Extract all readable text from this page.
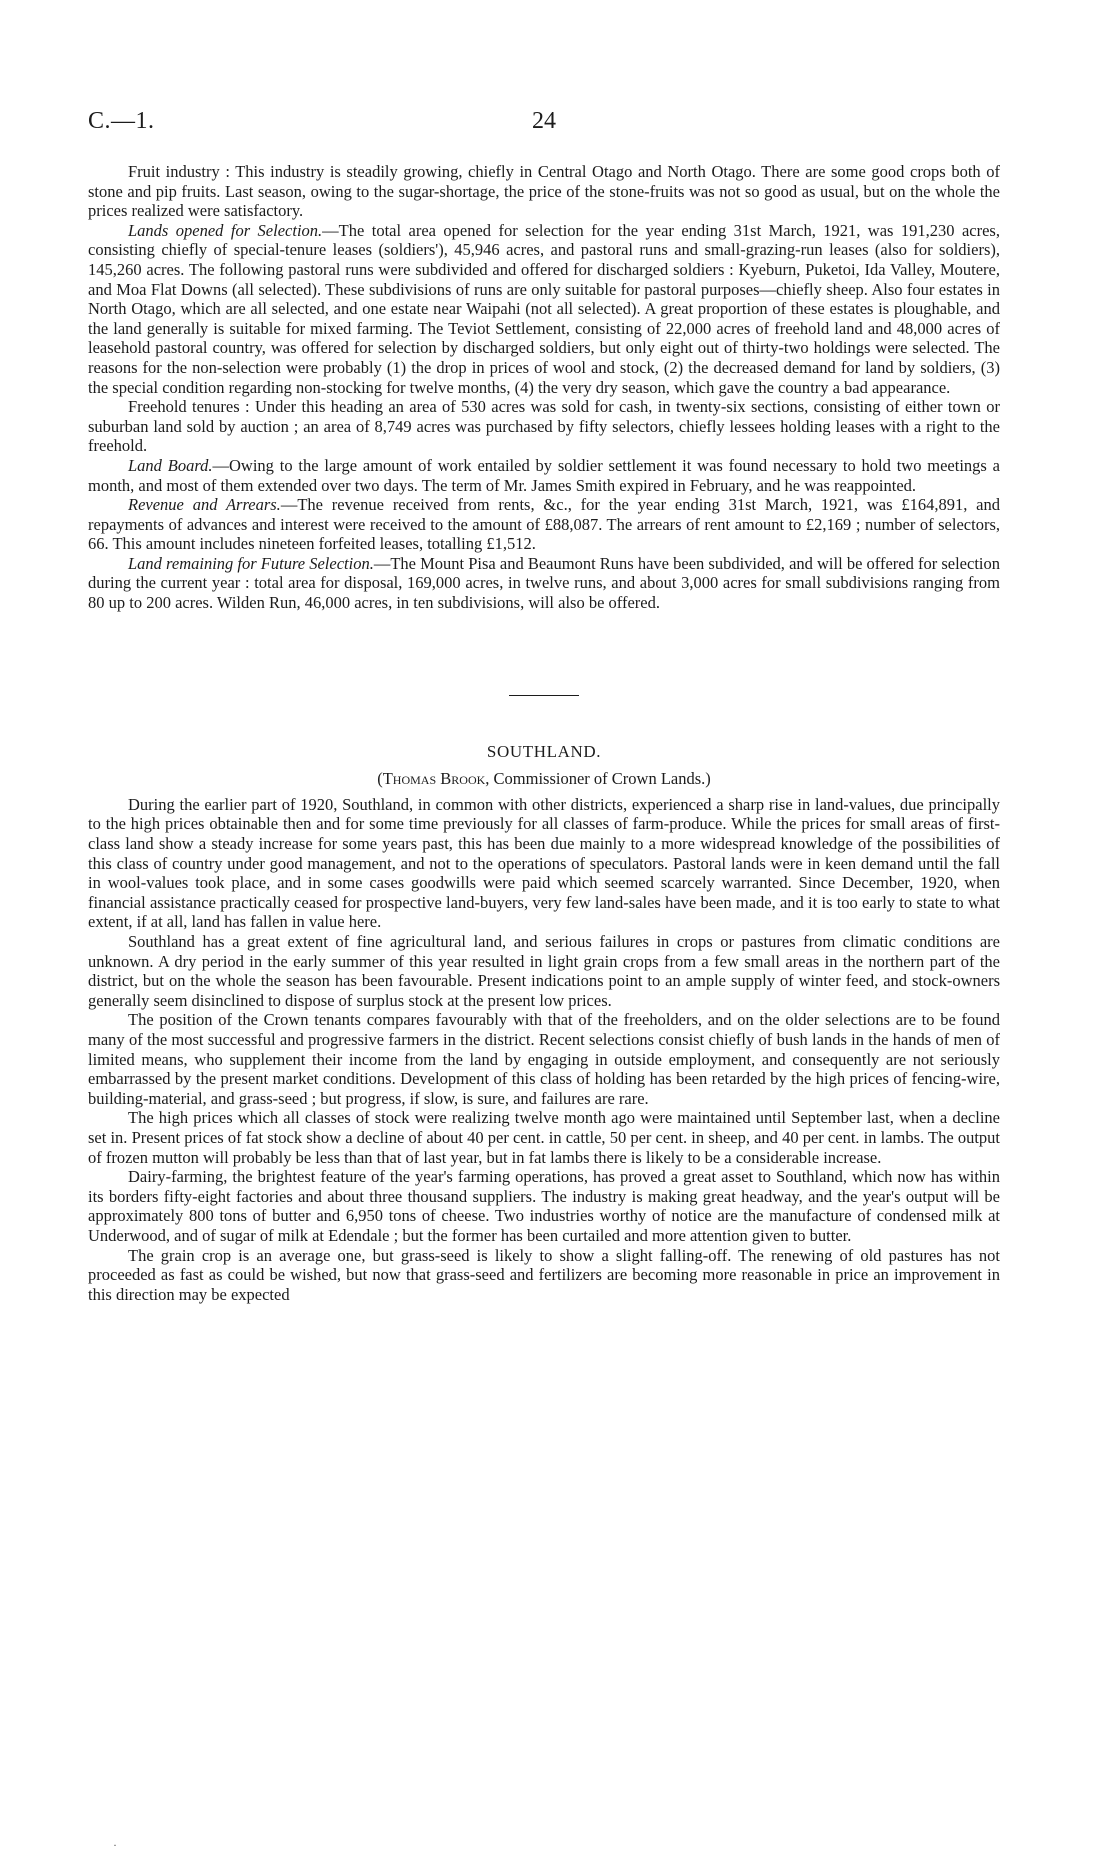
C.—1.	24

Fruit industry : This industry is steadily growing, chiefly in Central Otago and North Otago. There are some good crops both of stone and pip fruits. Last season, owing to the sugar-shortage, the price of the stone-fruits was not so good as usual, but on the whole the prices realized were satisfactory.

Lands opened for Selection.—The total area opened for selection for the year ending 31st March, 1921, was 191,230 acres, consisting chiefly of special-tenure leases (soldiers'), 45,946 acres, and pastoral runs and small-grazing-run leases (also for soldiers), 145,260 acres. The following pastoral runs were subdivided and offered for discharged soldiers : Kyeburn, Puketoi, Ida Valley, Moutere, and Moa Flat Downs (all selected). These subdivisions of runs are only suitable for pastoral purposes—chiefly sheep. Also four estates in North Otago, which are all selected, and one estate near Waipahi (not all selected). A great proportion of these estates is ploughable, and the land generally is suitable for mixed farming. The Teviot Settlement, consisting of 22,000 acres of freehold land and 48,000 acres of leasehold pastoral country, was offered for selection by discharged soldiers, but only eight out of thirty-two holdings were selected. The reasons for the non-selection were probably (1) the drop in prices of wool and stock, (2) the decreased demand for land by soldiers, (3) the special condition regarding non-stocking for twelve months, (4) the very dry season, which gave the country a bad appearance.

Freehold tenures : Under this heading an area of 530 acres was sold for cash, in twenty-six sections, consisting of either town or suburban land sold by auction ; an area of 8,749 acres was purchased by fifty selectors, chiefly lessees holding leases with a right to the freehold.

Land Board.—Owing to the large amount of work entailed by soldier settlement it was found necessary to hold two meetings a month, and most of them extended over two days. The term of Mr. James Smith expired in February, and he was reappointed.

Revenue and Arrears.—The revenue received from rents, &c., for the year ending 31st March, 1921, was £164,891, and repayments of advances and interest were received to the amount of £88,087. The arrears of rent amount to £2,169 ; number of selectors, 66. This amount includes nineteen forfeited leases, totalling £1,512.

Land remaining for Future Selection.—The Mount Pisa and Beaumont Runs have been subdivided, and will be offered for selection during the current year : total area for disposal, 169,000 acres, in twelve runs, and about 3,000 acres for small subdivisions ranging from 80 up to 200 acres. Wilden Run, 46,000 acres, in ten subdivisions, will also be offered.

SOUTHLAND.
(Thomas Brook, Commissioner of Crown Lands.)

During the earlier part of 1920, Southland, in common with other districts, experienced a sharp rise in land-values, due principally to the high prices obtainable then and for some time previously for all classes of farm-produce. While the prices for small areas of first-class land show a steady increase for some years past, this has been due mainly to a more widespread knowledge of the possibilities of this class of country under good management, and not to the operations of speculators. Pastoral lands were in keen demand until the fall in wool-values took place, and in some cases goodwills were paid which seemed scarcely warranted. Since December, 1920, when financial assistance practically ceased for prospective land-buyers, very few land-sales have been made, and it is too early to state to what extent, if at all, land has fallen in value here.

Southland has a great extent of fine agricultural land, and serious failures in crops or pastures from climatic conditions are unknown. A dry period in the early summer of this year resulted in light grain crops from a few small areas in the northern part of the district, but on the whole the season has been favourable. Present indications point to an ample supply of winter feed, and stock-owners generally seem disinclined to dispose of surplus stock at the present low prices.

The position of the Crown tenants compares favourably with that of the freeholders, and on the older selections are to be found many of the most successful and progressive farmers in the district. Recent selections consist chiefly of bush lands in the hands of men of limited means, who supplement their income from the land by engaging in outside employment, and consequently are not seriously embarrassed by the present market conditions. Development of this class of holding has been retarded by the high prices of fencing-wire, building-material, and grass-seed ; but progress, if slow, is sure, and failures are rare.

The high prices which all classes of stock were realizing twelve month ago were maintained until September last, when a decline set in. Present prices of fat stock show a decline of about 40 per cent. in cattle, 50 per cent. in sheep, and 40 per cent. in lambs. The output of frozen mutton will probably be less than that of last year, but in fat lambs there is likely to be a considerable increase.

Dairy-farming, the brightest feature of the year's farming operations, has proved a great asset to Southland, which now has within its borders fifty-eight factories and about three thousand suppliers. The industry is making great headway, and the year's output will be approximately 800 tons of butter and 6,950 tons of cheese. Two industries worthy of notice are the manufacture of condensed milk at Underwood, and of sugar of milk at Edendale ; but the former has been curtailed and more attention given to butter.

The grain crop is an average one, but grass-seed is likely to show a slight falling-off. The renewing of old pastures has not proceeded as fast as could be wished, but now that grass-seed and fertilizers are becoming more reasonable in price an improvement in this direction may be expected

·
